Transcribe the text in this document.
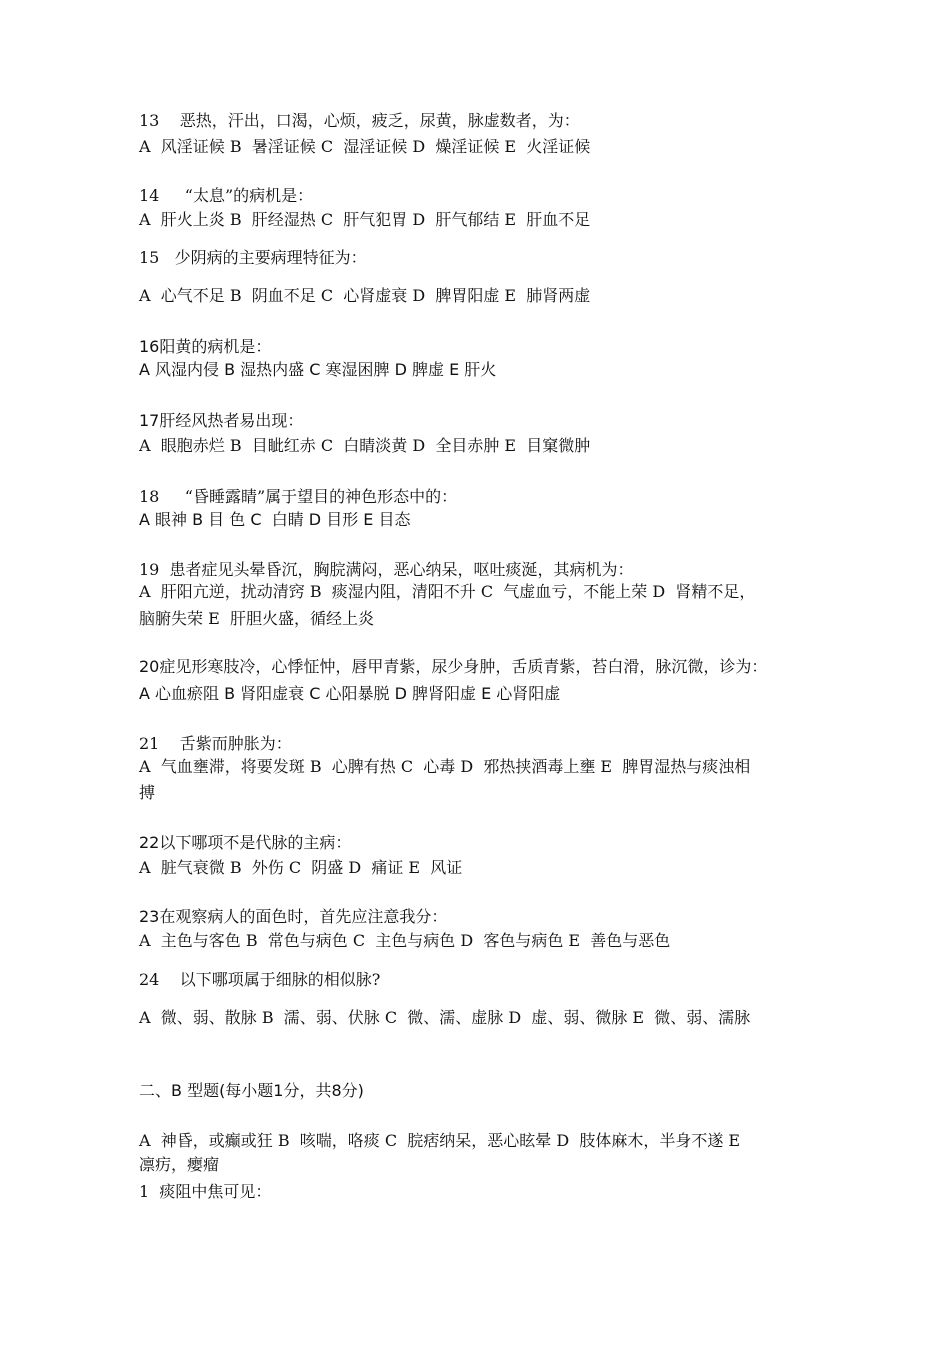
13    恶热，汗出，口渴，心烦，疲乏，尿黄，脉虚数者，为：

A  风淫证候 B  暑淫证候 C  湿淫证候 D  燥淫证候 E  火淫证候

14     “太息”的病机是：

A  肝火上炎 B  肝经湿热 C  肝气犯胃 D  肝气郁结 E  肝血不足

15   少阴病的主要病理特征为：

A  心气不足 B  阴血不足 C  心肾虚衰 D  脾胃阳虚 E  肺肾两虚

16阳黄的病机是：

A 风湿内侵 B 湿热内盛 C 寒湿困脾 D 脾虚 E 肝火

17肝经风热者易出现：

A  眼胞赤烂 B  目眦红赤 C  白睛淡黄 D  全目赤肿 E  目窠微肿

18     “昏睡露睛”属于望目的神色形态中的：

A 眼神 B 目 色 C  白睛 D 目形 E 目态

19  患者症见头晕昏沉，胸脘满闷，恶心纳呆，呕吐痰涎，其病机为：

A  肝阳亢逆，扰动清窍 B  痰湿内阻，清阳不升 C  气虚血亏，不能上荣 D  肾精不足，

脑腑失荣 E  肝胆火盛，循经上炎

20症见形寒肢冷，心悸怔忡，唇甲青紫，尿少身肿，舌质青紫，苔白滑，脉沉微，诊为：

A 心血瘀阻 B 肾阳虚衰 C 心阳暴脱 D 脾肾阳虚 E 心肾阳虚

21    舌紫而肿胀为：

A  气血壅滞，将要发斑 B  心脾有热 C  心毒 D  邪热挟酒毒上壅 E  脾胃湿热与痰浊相

搏

22以下哪项不是代脉的主病：

A  脏气衰微 B  外伤 C  阴盛 D  痛证 E  风证

23在观察病人的面色时，首先应注意我分：

A  主色与客色 B  常色与病色 C  主色与病色 D  客色与病色 E  善色与恶色

24    以下哪项属于细脉的相似脉?

A  微、弱、散脉 B  濡、弱、伏脉 C  微、濡、虚脉 D  虚、弱、微脉 E  微、弱、濡脉

二、B 型题(每小题1分，共8分)

A  神昏，或癫或狂 B  咳喘，咯痰 C  脘痞纳呆，恶心眩晕 D  肢体麻木，半身不遂 E

凛疠，瘿瘤

1  痰阻中焦可见：
